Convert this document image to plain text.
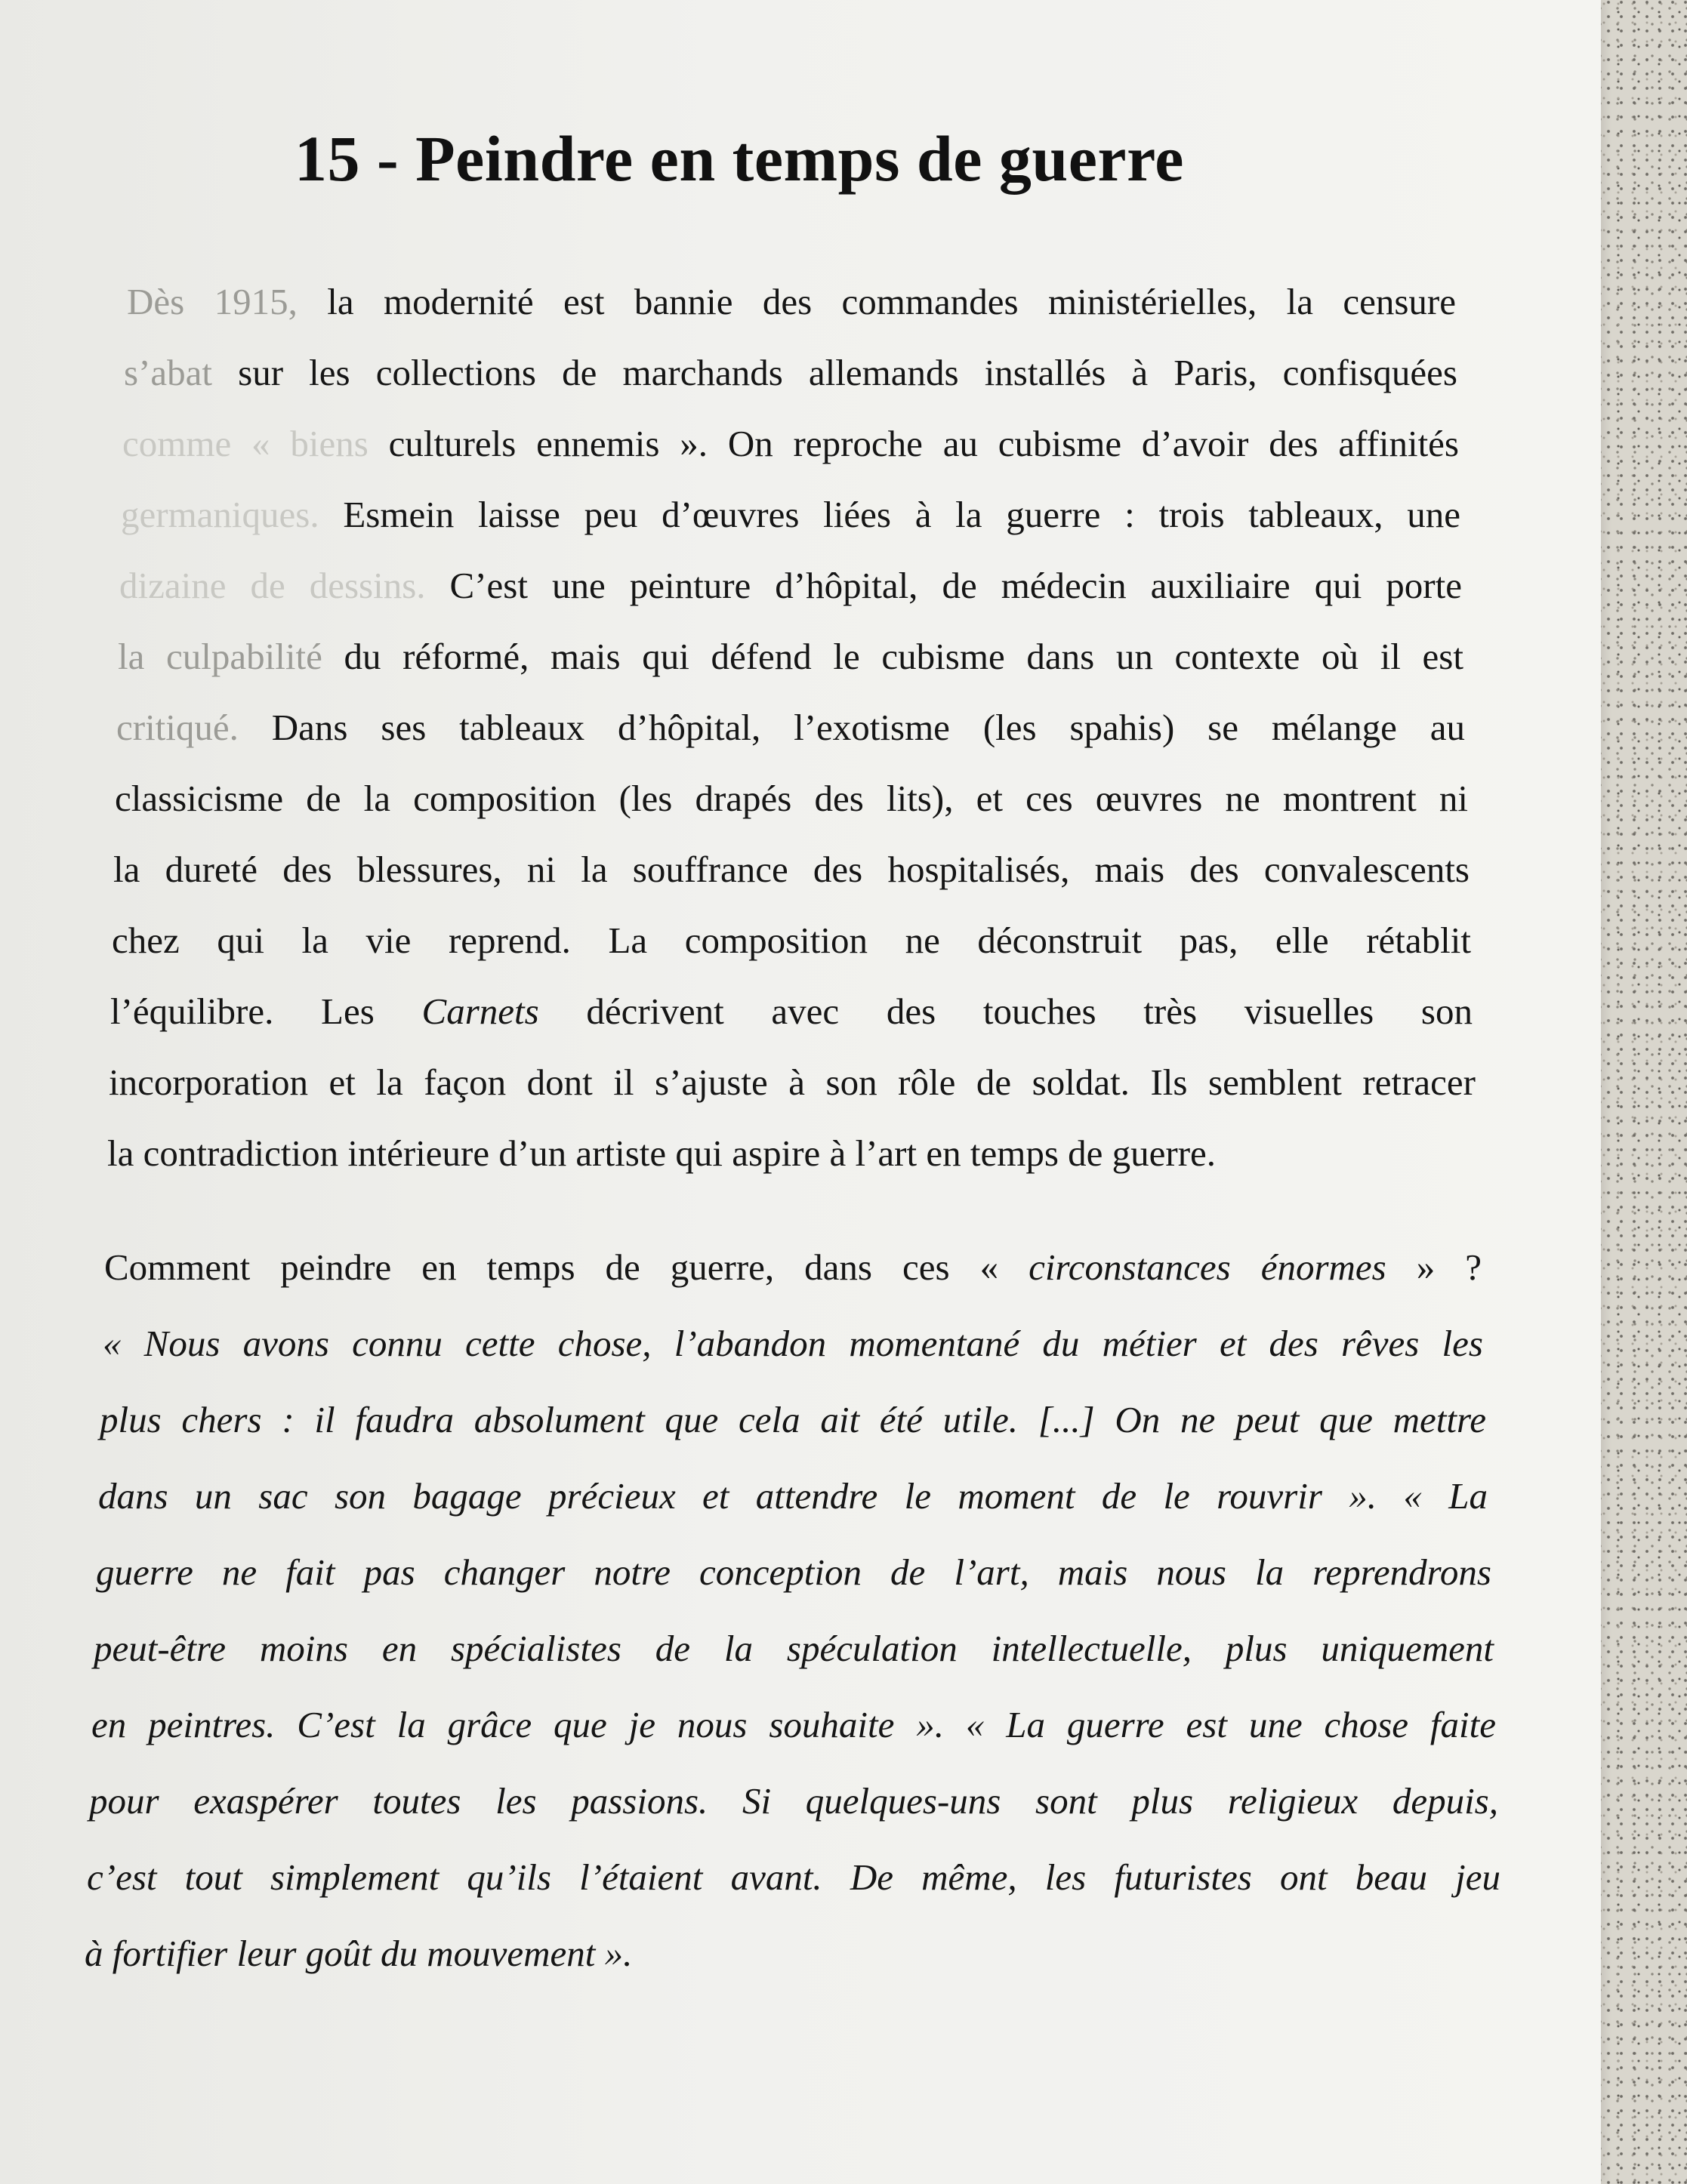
15 - Peindre en temps de guerre

Dès 1915, la modernité est bannie des commandes ministérielles, la censure

s’abat sur les collections de marchands allemands installés à Paris, confisquées

comme « biens culturels ennemis ». On reproche au cubisme d’avoir des affinités

germaniques. Esmein laisse peu d’œuvres liées à la guerre : trois tableaux, une

dizaine de dessins. C’est une peinture d’hôpital, de médecin auxiliaire qui porte

la culpabilité du réformé, mais qui défend le cubisme dans un contexte où il est

critiqué. Dans ses tableaux d’hôpital, l’exotisme (les spahis) se mélange au

classicisme de la composition (les drapés des lits), et ces œuvres ne montrent ni

la dureté des blessures, ni la souffrance des hospitalisés, mais des convalescents

chez qui la vie reprend. La composition ne déconstruit pas, elle rétablit

l’équilibre. Les Carnets décrivent avec des touches très visuelles son

incorporation et la façon dont il s’ajuste à son rôle de soldat. Ils semblent retracer

la contradiction intérieure d’un artiste qui aspire à l’art en temps de guerre.

Comment peindre en temps de guerre, dans ces « circonstances énormes » ?

« Nous avons connu cette chose, l’abandon momentané du métier et des rêves les

plus chers : il faudra absolument que cela ait été utile. [...] On ne peut que mettre

dans un sac son bagage précieux et attendre le moment de le rouvrir ». « La

guerre ne fait pas changer notre conception de l’art, mais nous la reprendrons

peut-être moins en spécialistes de la spéculation intellectuelle, plus uniquement

en peintres. C’est la grâce que je nous souhaite ». « La guerre est une chose faite

pour exaspérer toutes les passions. Si quelques-uns sont plus religieux depuis,

c’est tout simplement qu’ils l’étaient avant. De même, les futuristes ont beau jeu

à fortifier leur goût du mouvement ».
